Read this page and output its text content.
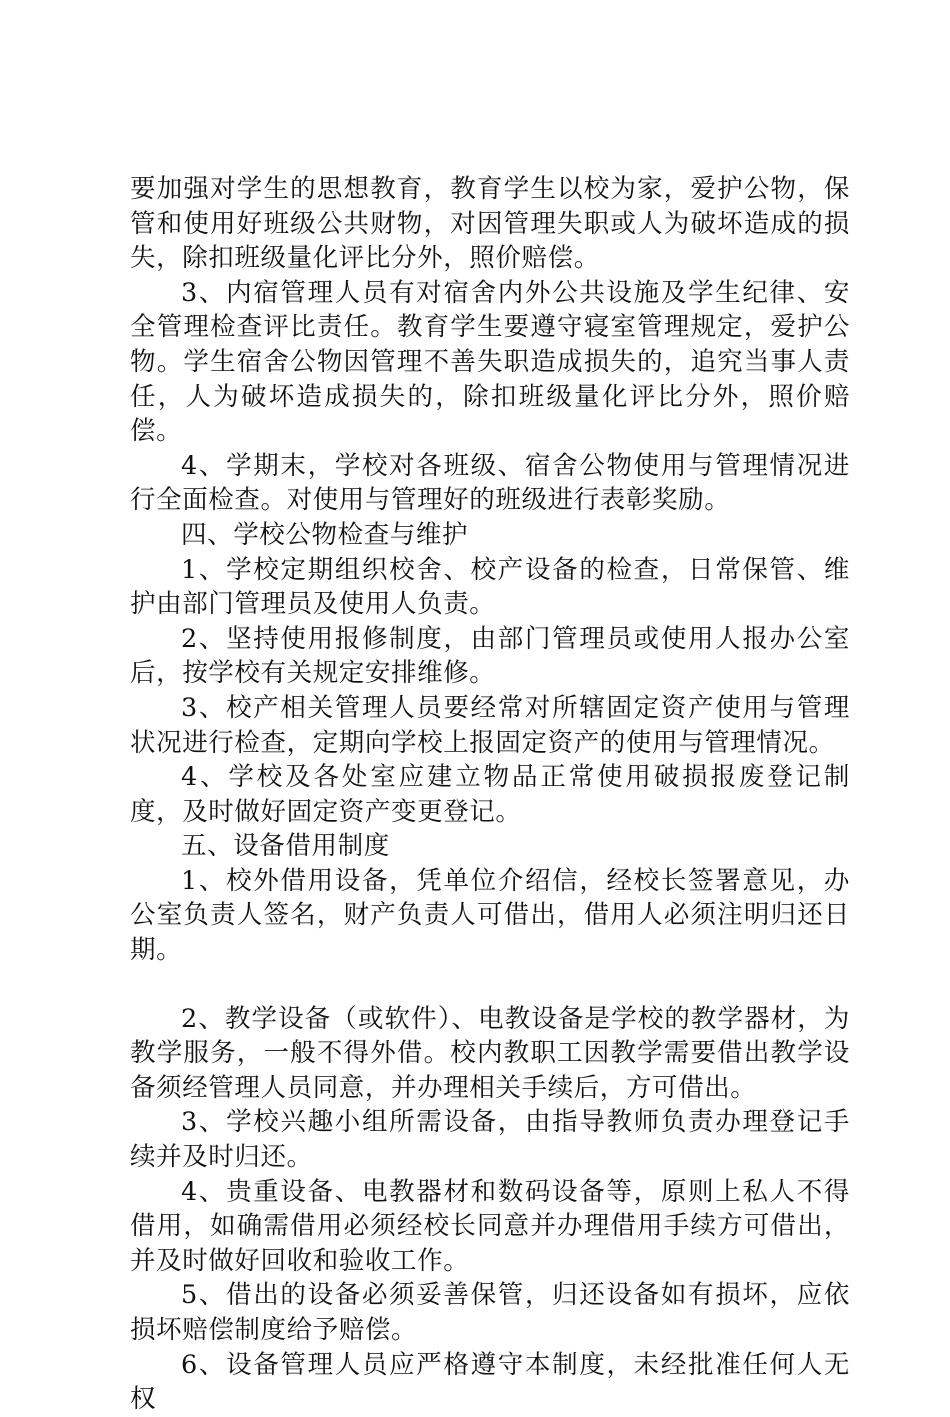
要加强对学生的思想教育，教育学生以校为家，爱护公物，保管和使用好班级公共财物，对因管理失职或人为破坏造成的损失，除扣班级量化评比分外，照价赔偿。

3、内宿管理人员有对宿舍内外公共设施及学生纪律、安全管理检查评比责任。教育学生要遵守寝室管理规定，爱护公物。学生宿舍公物因管理不善失职造成损失的，追究当事人责任，人为破坏造成损失的，除扣班级量化评比分外，照价赔偿。

4、学期末，学校对各班级、宿舍公物使用与管理情况进行全面检查。对使用与管理好的班级进行表彰奖励。

四、学校公物检查与维护

1、学校定期组织校舍、校产设备的检查，日常保管、维护由部门管理员及使用人负责。

2、坚持使用报修制度，由部门管理员或使用人报办公室后，按学校有关规定安排维修。

3、校产相关管理人员要经常对所辖固定资产使用与管理状况进行检查，定期向学校上报固定资产的使用与管理情况。

4、学校及各处室应建立物品正常使用破损报废登记制度，及时做好固定资产变更登记。

五、设备借用制度

1、校外借用设备，凭单位介绍信，经校长签署意见，办公室负责人签名，财产负责人可借出，借用人必须注明归还日期。

2、教学设备（或软件）、电教设备是学校的教学器材，为教学服务，一般不得外借。校内教职工因教学需要借出教学设备须经管理人员同意，并办理相关手续后，方可借出。

3、学校兴趣小组所需设备，由指导教师负责办理登记手续并及时归还。

4、贵重设备、电教器材和数码设备等，原则上私人不得借用，如确需借用必须经校长同意并办理借用手续方可借出，并及时做好回收和验收工作。

5、借出的设备必须妥善保管，归还设备如有损坏，应依损坏赔偿制度给予赔偿。

6、设备管理人员应严格遵守本制度，未经批准任何人无权
